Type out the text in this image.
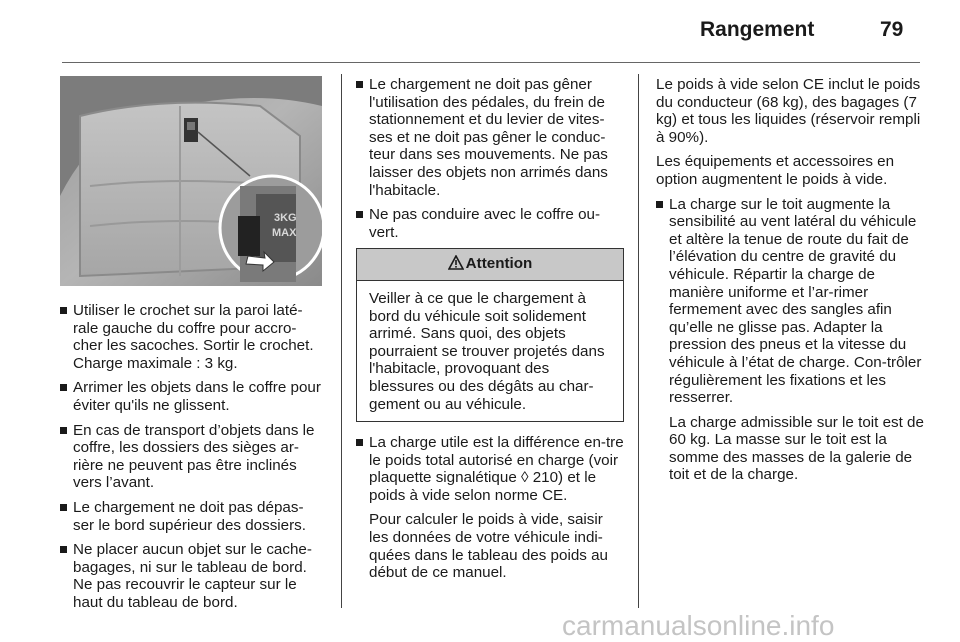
Rangement	79
3KG
MAX
Utiliser le crochet sur la paroi laté-rale gauche du coffre pour accro-cher les sacoches. Sortir le crochet. Charge maximale : 3 kg.
Arrimer les objets dans le coffre pour éviter qu'ils ne glissent.
En cas de transport d’objets dans le coffre, les dossiers des sièges ar-rière ne peuvent pas être inclinés vers l’avant.
Le chargement ne doit pas dépas-ser le bord supérieur des dossiers.
Ne placer aucun objet sur le cache-bagages, ni sur le tableau de bord. Ne pas recouvrir le capteur sur le haut du tableau de bord.
Le chargement ne doit pas gêner l'utilisation des pédales, du frein de stationnement et du levier de vites-ses et ne doit pas gêner le conduc-teur dans ses mouvements. Ne pas laisser des objets non arrimés dans l'habitacle.
Ne pas conduire avec le coffre ou-vert.
Attention
Veiller à ce que le chargement à bord du véhicule soit solidement arrimé. Sans quoi, des objets pourraient se trouver projetés dans l'habitacle, provoquant des blessures ou des dégâts au char-gement ou au véhicule.
La charge utile est la différence en-tre le poids total autorisé en charge (voir plaquette signalétique ◊ 210) et le poids à vide selon norme CE.
Pour calculer le poids à vide, saisir les données de votre véhicule indi-quées dans le tableau des poids au début de ce manuel.
Le poids à vide selon CE inclut le poids du conducteur (68 kg), des bagages (7 kg) et tous les liquides (réservoir rempli à 90%).
Les équipements et accessoires en option augmentent le poids à vide.
La charge sur le toit augmente la sensibilité au vent latéral du véhicule et altère la tenue de route du fait de l’élévation du centre de gravité du véhicule. Répartir la charge de manière uniforme et l’ar-rimer fermement avec des sangles afin qu’elle ne glisse pas. Adapter la pression des pneus et la vitesse du véhicule à l’état de charge. Con-trôler régulièrement les fixations et les resserrer.
La charge admissible sur le toit est de 60 kg. La masse sur le toit est la somme des masses de la galerie de toit et de la charge.
carmanualsonline.info
